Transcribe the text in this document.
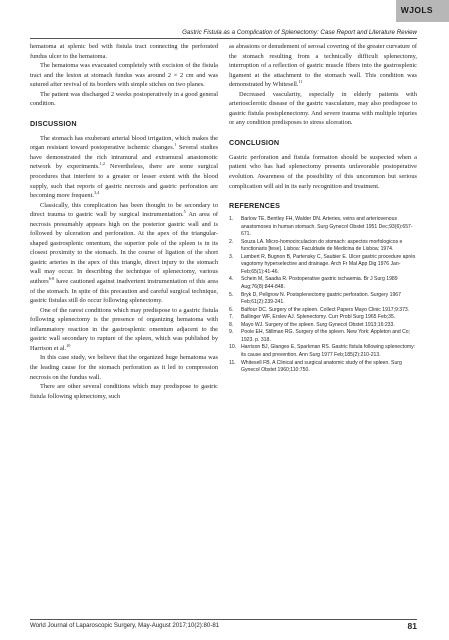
WJOLS
Gastric Fistula as a Complication of Splenectomy: Case Report and Literature Review

hematoma at splenic bed with fistula tract connecting the perforated fundus ulcer to the hematoma.

The hematoma was evacuated completely with excision of the fistula tract and the lesion at stomach fundus was around 2 × 2 cm and was sutured after revival of its borders with simple stiches on two planes.

The patient was discharged 2 weeks postoperatively in a good general condition.

DISCUSSION

The stomach has exuberant arterial blood irrigation, which makes the organ resistant toward postoperative ischemic changes.$^1$ Several studies have demonstrated the rich intramural and extramural anastomotic network by experiments.$^{1,2}$ Nevertheless, there are some surgical procedures that interfere to a greater or lesser extent with the blood supply, such that reports of gastric necrosis and gastric perforation are becoming more frequent.$^{3,4}$

Classically, this complication has been thought to be secondary to direct trauma to gastric wall by surgical instrumentation.$^5$ An area of necrosis presumably appears high on the posterior gastric wall and is followed by ulceration and perforation. At the apex of the triangular-shaped gastrosplenic omentum, the superior pole of the spleen is in its closest proximity to the stomach. In the course of ligation of the short gastric arteries in the apex of this triangle, direct injury to the stomach wall may occur. In describing the technique of splenectomy, various authors$^{6-8}$ have cautioned against inadvertent instrumentation of this area of the stomach. In spite of this precaution and careful surgical technique, gastric fistulas still do occur following splenectomy.

One of the rarest conditions which may predispose to a gastric fistula following splenectomy is the presence of organizing hematoma with inflammatory reaction in the gastrosplenic omentum adjacent to the gastric wall secondary to rupture of the spleen, which was published by Harrison et al.$^{10}$

In this case study, we believe that the organized huge hematoma was the leading cause for the stomach perforation as it led to compression necrosis on the fundus wall.

There are other several conditions which may predispose to gastric fistula following splenectomy, such

as abrasions or denudement of serosal covering of the greater curvature of the stomach resulting from a technically difficult splenectomy, interruption of a reflection of gastric muscle fibers into the gastrosplenic ligament at the attachment to the stomach wall. This condition was demonstrated by Whitesell.$^{11}$

Decreased vascularity, especially in elderly patients with arteriosclerotic disease of the gastric vasculature, may also predispose to gastric fistula postsplenectomy. And severe trauma with multiple injuries or any condition predisposes to stress ulceration.

CONCLUSION

Gastric perforation and fistula formation should be suspected when a patient who has had splenectomy presents unfavorable postoperative evolution. Awareness of the possibility of this uncommon but serious complication will aid in its early recognition and treatment.

REFERENCES
1.	Barlow TE, Bentley FH, Walder DN. Arteries, veins and arteriovenous anastomoses in human stomach. Surg Gynecol Obstet 1951 Dec;93(6):657-671.
2.	Souza LA. Micro-homocirculacion do stomach: aspectos morfologicos e functionaris [tese]. Lisboa: Faculdade de Medicina de Lisboa; 1974.
3.	Lambert R, Bugnon B, Partensky C, Saubier E. Ulcer gastric procedure après vagotomy hyperselective and drainage. Arch Fr Mal App Dig 1976 Jan-Feb;65(1):41-46.
4.	Schein M, Saadia R. Postoperative gastric ischaemia. Br J Surg 1989 Aug;76(8):844-848.
5.	Bryk D, Pellgrow N. Postsplenectomy gastric perforation. Surgery 1967 Feb;61(2):239-241.
6.	Balfour DC. Surgery of the spleen. Collect Papers Mayo Clinic 1917;9:373.
7.	Ballinger WF, Erslev AJ. Splenectomy. Curr Probl Surg 1965 Feb;35.
8.	Mayo WJ. Surgery of the spleen. Surg Gynecol Obstet 1913;16:233.
9.	Poole EH, Stillman RG. Surgery of the spleen. New York: Appleton and Co; 1923. p. 318.
10. Harrison BJ, Glanges E, Sparkman RS. Gastric fistula following splenectomy: its cause and prevention. Ann Surg 1977 Feb;185(2):210-213.
11.	Whitesell FB. A Clinical and surgical anatomic study of the spleen. Surg Gynecol Obstet 1960;110:750.
World Journal of Laparoscopic Surgery, May-August 2017;10(2):80-81	81
